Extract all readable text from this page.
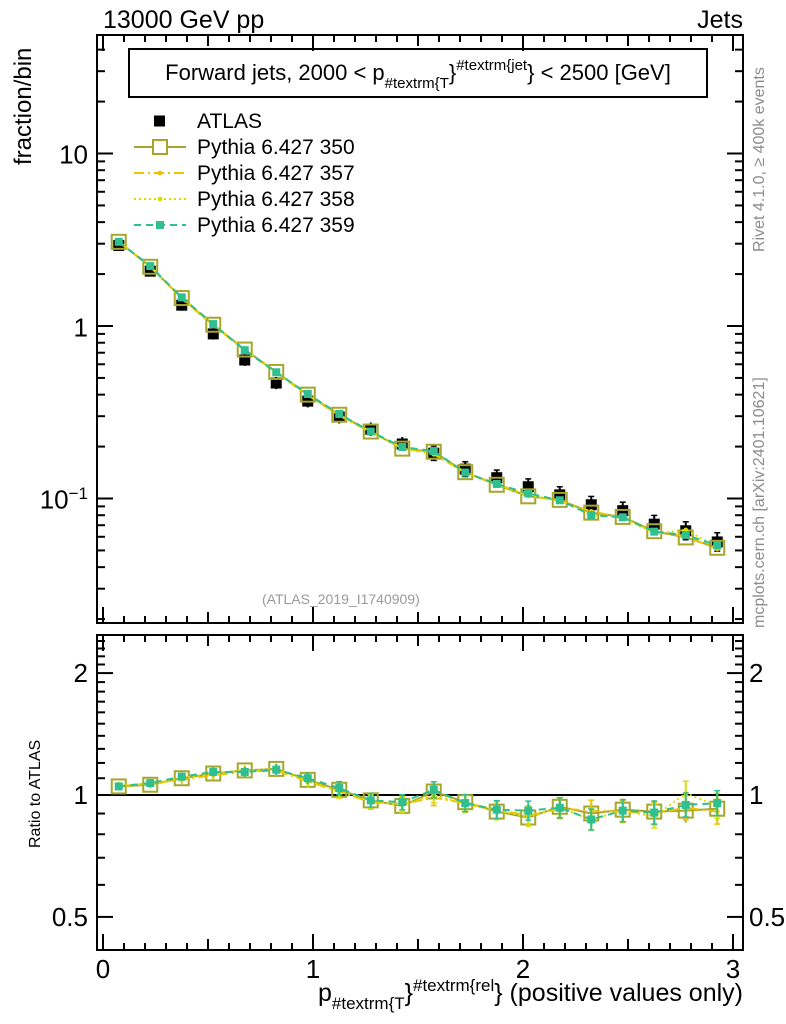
13000 GeV pp	Jets
Forward jets, $2000 < p_{\#textrm\{T}\}^{\#textrm\{jet}\} < 2500$ [GeV]
ATLAS
Pythia 6.427 350
Pythia 6.427 357
Pythia 6.427 358
Pythia 6.427 359
10
1
$10^{-1}$
2
1
0.5
2
1
0.5
0	1	2	3
$p_{\#textrm\{T}\}^{\#textrm\{rel}$} (positive values only)
fraction/bin
Ratio to ATLAS
Rivet 4.1.0, ≥ 400k events
mcplots.cern.ch [arXiv:2401.10621]
(ATLAS_2019_I1740909)
